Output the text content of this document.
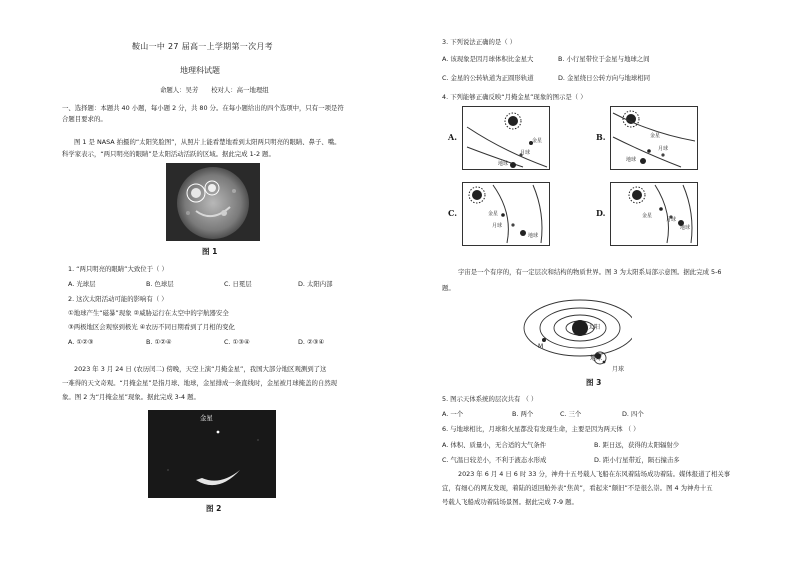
鞍山一中 27 届高一上学期第一次月考
地理科试题
命题人：吴芳　　校对人：高一地理组
一、选择题：本题共 40 小题，每小题 2 分，共 80 分。在每小题给出的四个选项中，只有一项是符
合题目要求的。
图 1 是 NASA 拍摄的“太阳笑脸图”，从照片上能看楚地看到太阳两只明亮的眼睛、鼻子、嘴。
科学家表示，“两只明亮的眼睛”是太阳活动活跃的区域。据此完成 1-2 题。
图 1
1. “两只明亮的眼睛”大致位于（ ）
A. 光球层	B. 色球层	C. 日冕层	D. 太阳内部
2. 这次太阳活动可能的影响有（ ）
①地球产生“磁暴”现象 ②威胁运行在太空中的宇航器安全
③两极地区会观察到极光 ④农历不同日期看到了月相的变化
A. ①②③	B. ①②④	C. ①③④	D. ②③④
2023 年 3 月 24 日 (农历闰二) 傍晚，天空上演“月掩金星”，我国大部分地区观测到了这
一难得的天文奇观。“月掩金星”是指月球、地球，金星排成一条直线时，金星被月球掩盖的自然现
象。图 2 为“月掩金星”现象。据此完成 3-4 题。
金星
图 2
3. 下列说法正确的是（ ）
A. 该现象是因月球体积比金星大	B. 小行星带位于金星与地球之间
C. 金星的公转轨道为正圆形轨道	D. 金星绕日公转方向与地球相同
4. 下列能够正确反映“月掩金星”现象的图示是（ ）
A.	金星
月球
地球
B.	金星
月球
地球
C.	金星
月球
地球
D.	金星
月球
地球
宇宙是一个有序的，有一定层次和结构的物质世界。图 3 为太阳系局部示意图。据此完成 5-6
题。
太阳
M
地球
月球
图 3
5. 图示天体系统的层次共有 （ ）
A. 一个	B. 两个	C. 三个	D. 四个
6. 与地球相比，月球和火星都没有发现生命，主要是因为两天体 （ ）
A. 体积、质量小，无合适的大气条件	B. 距日远，获得的太阳辐射少
C. 气温日较差小，不利于液态水形成	D. 距小行星带近，陨石撞击多
2023 年 6 月 4 日 6 时 33 分，神舟十五号载人飞船在东风着陆场成功着陆。媒体报道了相关事
宜，有细心的网友发现，着陆的返回舱外表“焦黄”，看起来“颇旧”不是很么崇。图 4 为神舟十五
号载人飞船成功着陆场景图。据此完成 7-9 题。
